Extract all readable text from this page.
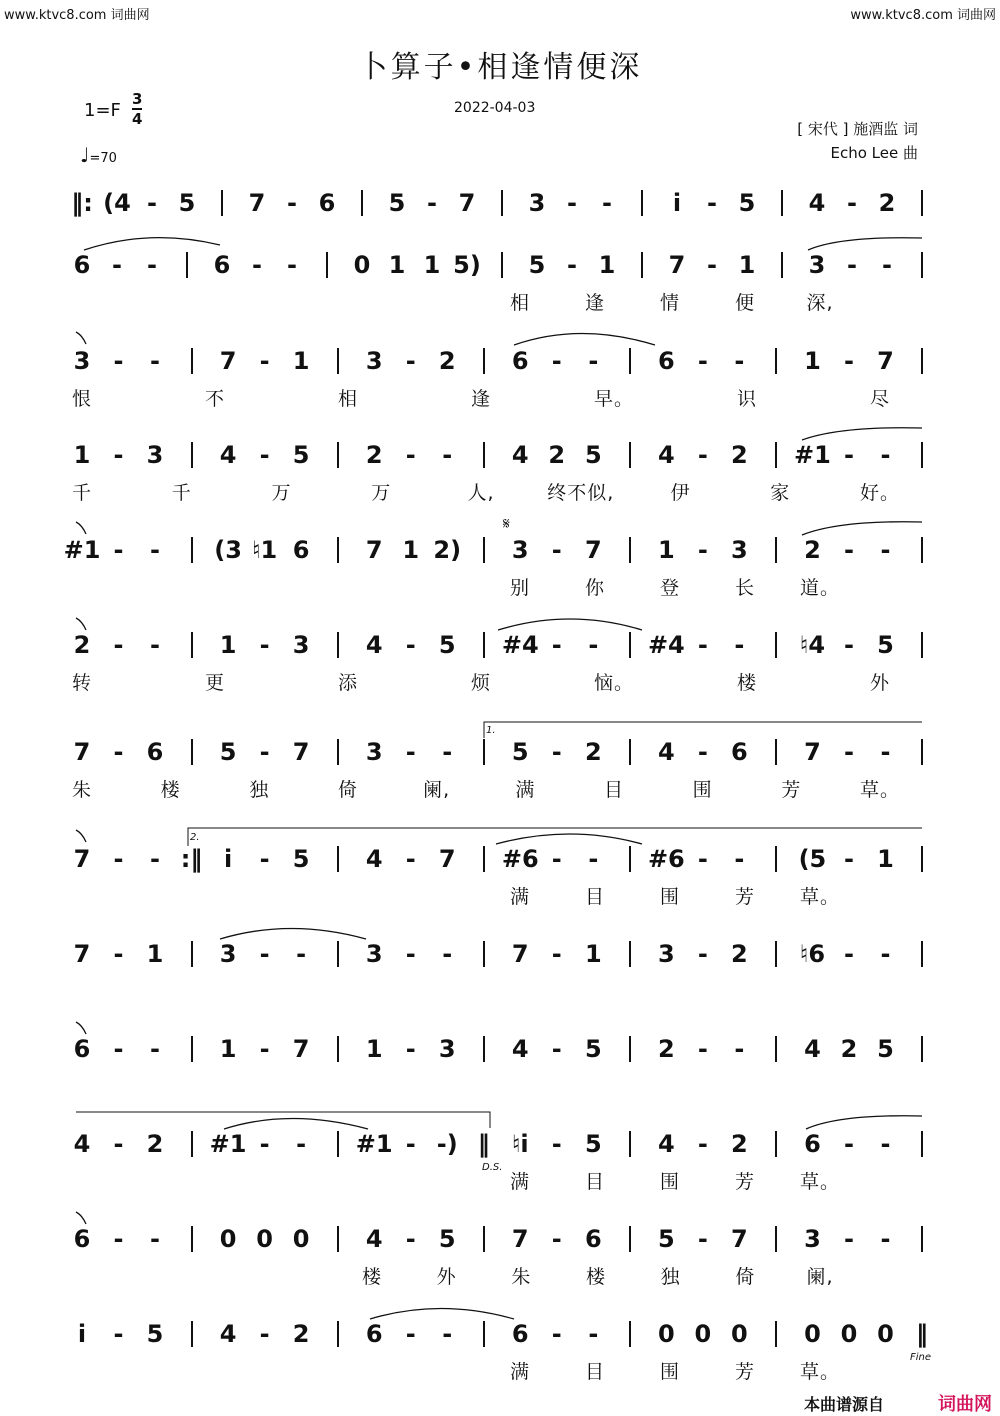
www.ktvc8.com 词曲网	www.ktvc8.com 词曲网
卜算子•相逢情便深
1=F
3
4
♩=70
2022-04-03
[ 宋代 ] 施酒监 词
Echo Lee 曲
‖: (4 - 5 7 - 6 5 - 7 3 - -	i - 5 4 - 2
6 - - 6 - - 0 1 1 5) 5 - 1 7 - 1 3 - -
相	逢	情	便	深,
3 - - 7 - 1 3 - 2 6 - - 6 - - 1 - 7
恨	不	相	逢	早。	识	尽
1 - 3 4 - 5 2 - - 4 2 5 4 - 2 #1 - -
千	千	万	万	人,	终不似,	伊	家	好。
#1 - - (3 ♮1 6 7 1 2) 3 - 7 1 - 3 2 - -
别	你	登	长 道。
2 - - 1 - 3 4 - 5 #4 - - #4 - - ♮4 - 5
转	更	添	烦	恼。	楼	外
7 - 6 5 - 7 3 - - 5 - 2 4 - 6 7 - -
朱	楼	独	倚	阑,	满	目	围	芳	草。
7 - - :‖ i - 5 4 - 7 #6 - - #6 - - (5 - 1
满	目	围	芳 草。
7 - 1 3 - - 3 - - 7 - 1 3 - 2 ♮6 - -
6 - - 1 - 7 1 - 3 4 - 5 2 - - 4 2 5
4 - 2 #1 - - #1 - -) ‖ ♮i - 5 4 - 2 6 - -
满	目	围	芳 草。
6 - - 0 0 0 4 - 5 7 - 6 5 - 7 3 - -
楼	外	朱	楼	独	倚	阑,
i - 5 4 - 2 6 - - 6 - - 0 0 0 0 0 0 ‖
满	目	围	芳 草。
1.
2.
D.S.
Fine
𝄋
本曲谱源自	词曲网
